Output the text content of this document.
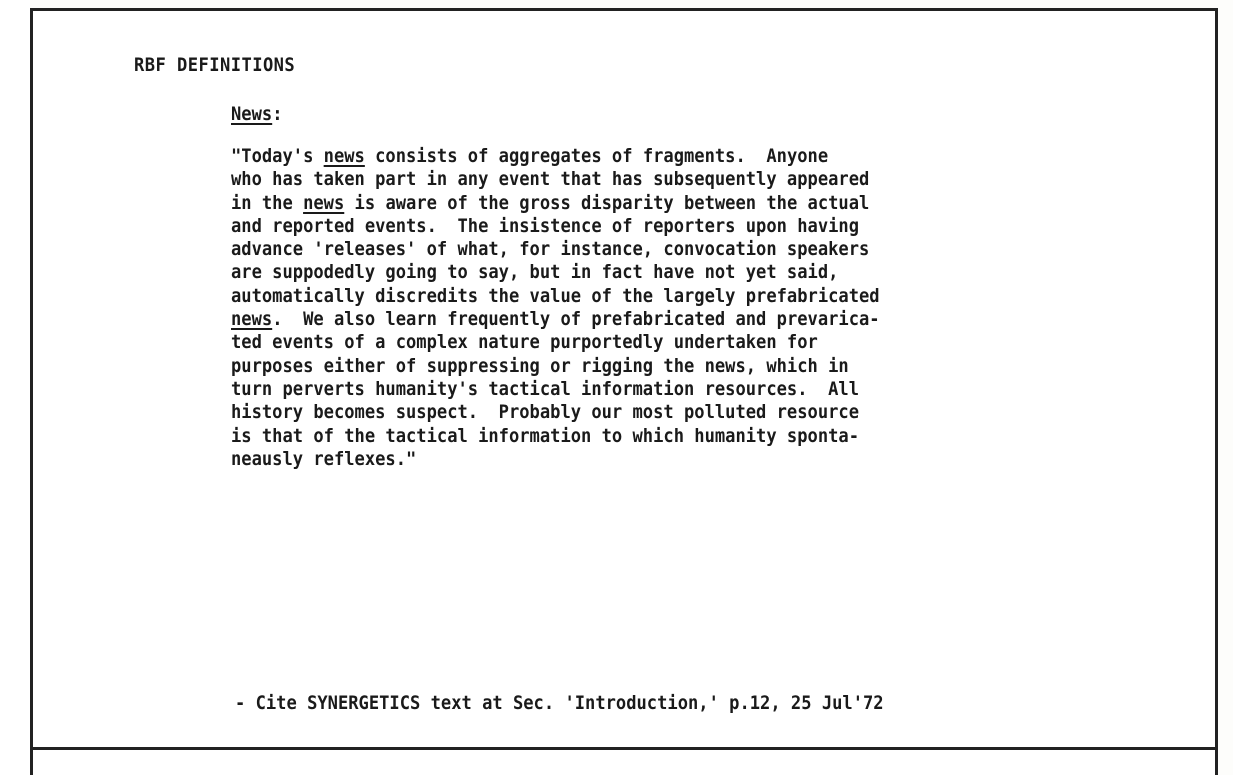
RBF DEFINITIONS
News:
"Today's news consists of aggregates of fragments.  Anyone
who has taken part in any event that has subsequently appeared
in the news is aware of the gross disparity between the actual
and reported events.  The insistence of reporters upon having
advance 'releases' of what, for instance, convocation speakers
are suppodedly going to say, but in fact have not yet said,
automatically discredits the value of the largely prefabricated
news.  We also learn frequently of prefabricated and prevarica-
ted events of a complex nature purportedly undertaken for
purposes either of suppressing or rigging the news, which in
turn perverts humanity's tactical information resources.  All
history becomes suspect.  Probably our most polluted resource
is that of the tactical information to which humanity sponta-
neausly reflexes."
- Cite SYNERGETICS text at Sec. 'Introduction,' p.12, 25 Jul'72
